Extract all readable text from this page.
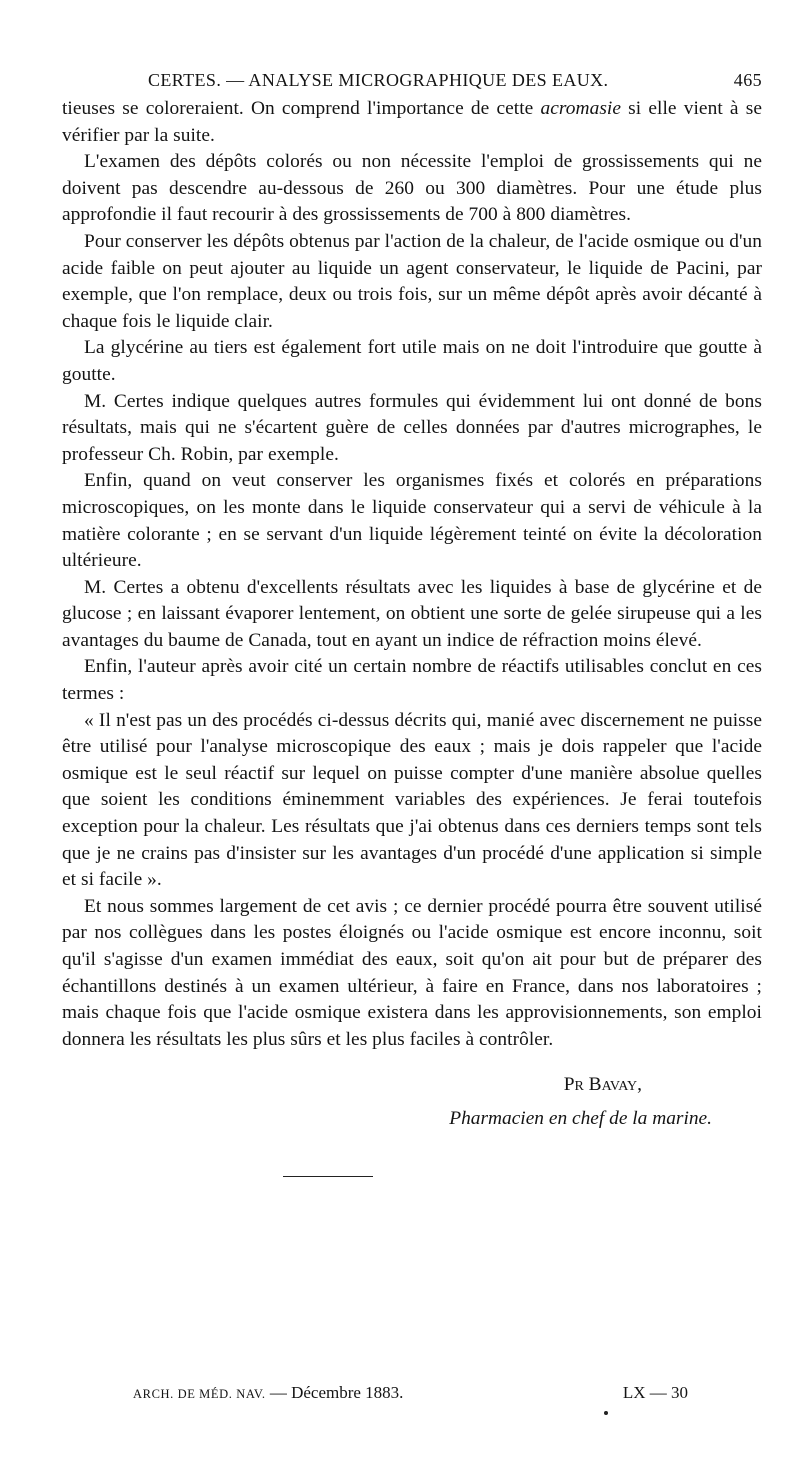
CERTES. — ANALYSE MICROGRAPHIQUE DES EAUX.	465

tieuses se coloreraient. On comprend l'importance de cette acromasie si elle vient à se vérifier par la suite.

L'examen des dépôts colorés ou non nécessite l'emploi de grossissements qui ne doivent pas descendre au-dessous de 260 ou 300 diamètres. Pour une étude plus approfondie il faut recourir à des grossissements de 700 à 800 diamètres.

Pour conserver les dépôts obtenus par l'action de la chaleur, de l'acide osmique ou d'un acide faible on peut ajouter au liquide un agent conservateur, le liquide de Pacini, par exemple, que l'on remplace, deux ou trois fois, sur un même dépôt après avoir décanté à chaque fois le liquide clair.

La glycérine au tiers est également fort utile mais on ne doit l'introduire que goutte à goutte.

M. Certes indique quelques autres formules qui évidemment lui ont donné de bons résultats, mais qui ne s'écartent guère de celles données par d'autres micrographes, le professeur Ch. Robin, par exemple.

Enfin, quand on veut conserver les organismes fixés et colorés en préparations microscopiques, on les monte dans le liquide conservateur qui a servi de véhicule à la matière colorante ; en se servant d'un liquide légèrement teinté on évite la décoloration ultérieure.

M. Certes a obtenu d'excellents résultats avec les liquides à base de glycérine et de glucose ; en laissant évaporer lentement, on obtient une sorte de gelée sirupeuse qui a les avantages du baume de Canada, tout en ayant un indice de réfraction moins élevé.

Enfin, l'auteur après avoir cité un certain nombre de réactifs utilisables conclut en ces termes :

« Il n'est pas un des procédés ci-dessus décrits qui, manié avec discernement ne puisse être utilisé pour l'analyse microscopique des eaux ; mais je dois rappeler que l'acide osmique est le seul réactif sur lequel on puisse compter d'une manière absolue quelles que soient les conditions éminemment variables des expériences. Je ferai toutefois exception pour la chaleur. Les résultats que j'ai obtenus dans ces derniers temps sont tels que je ne crains pas d'insister sur les avantages d'un procédé d'une application si simple et si facile ».

Et nous sommes largement de cet avis ; ce dernier procédé pourra être souvent utilisé par nos collègues dans les postes éloignés ou l'acide osmique est encore inconnu, soit qu'il s'agisse d'un examen immédiat des eaux, soit qu'on ait pour but de préparer des échantillons destinés à un examen ultérieur, à faire en France, dans nos laboratoires ; mais chaque fois que l'acide osmique existera dans les approvisionnements, son emploi donnera les résultats les plus sûrs et les plus faciles à contrôler.

Pr Bavay,
Pharmacien en chef de la marine.
ARCH. DE MÉD. NAV. — Décembre 1883.	LX — 30
